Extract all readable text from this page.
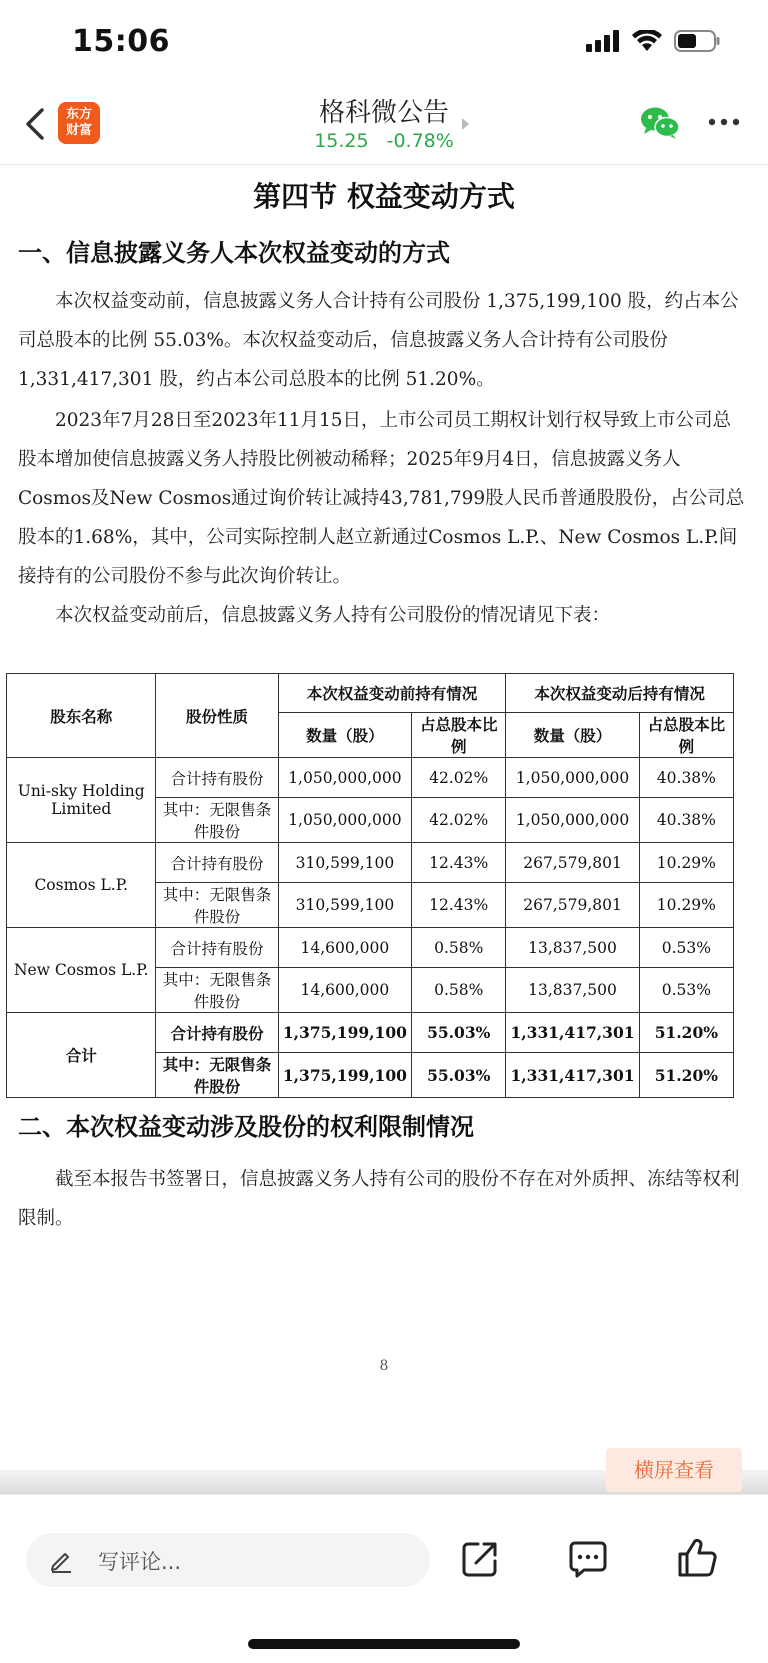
15:06
东方
财富
格科微公告
15.25 -0.78%
第四节 权益变动方式
一、信息披露义务人本次权益变动的方式
本次权益变动前，信息披露义务人合计持有公司股份 1,375,199,100 股，约占本公司总股本的比例 55.03%。本次权益变动后，信息披露义务人合计持有公司股份 1,331,417,301 股，约占本公司总股本的比例 51.20%。
2023年7月28日至2023年11月15日，上市公司员工期权计划行权导致上市公司总股本增加使信息披露义务人持股比例被动稀释；2025年9月4日，信息披露义务人Cosmos及New Cosmos通过询价转让减持43,781,799股人民币普通股股份，占公司总股本的1.68%，其中，公司实际控制人赵立新通过Cosmos L.P.、New Cosmos L.P.间接持有的公司股份不参与此次询价转让。
本次权益变动前后，信息披露义务人持有公司股份的情况请见下表：
股东名称	股份性质	本次权益变动前持有情况		本次权益变动后持有情况	
		数量（股）	占总股本比例	数量（股）	占总股本比例
Uni-sky Holding Limited	合计持有股份	1,050,000,000	42.02%	1,050,000,000	40.38%
	其中：无限售条件股份	1,050,000,000	42.02%	1,050,000,000	40.38%
Cosmos L.P.	合计持有股份	310,599,100	12.43%	267,579,801	10.29%
	其中：无限售条件股份	310,599,100	12.43%	267,579,801	10.29%
New Cosmos L.P.	合计持有股份	14,600,000	0.58%	13,837,500	0.53%
	其中：无限售条件股份	14,600,000	0.58%	13,837,500	0.53%
合计	合计持有股份	1,375,199,100	55.03%	1,331,417,301	51.20%
	其中：无限售条件股份	1,375,199,100	55.03%	1,331,417,301	51.20%
二、本次权益变动涉及股份的权利限制情况
截至本报告书签署日，信息披露义务人持有公司的股份不存在对外质押、冻结等权利限制。
8
横屏查看
写评论...
